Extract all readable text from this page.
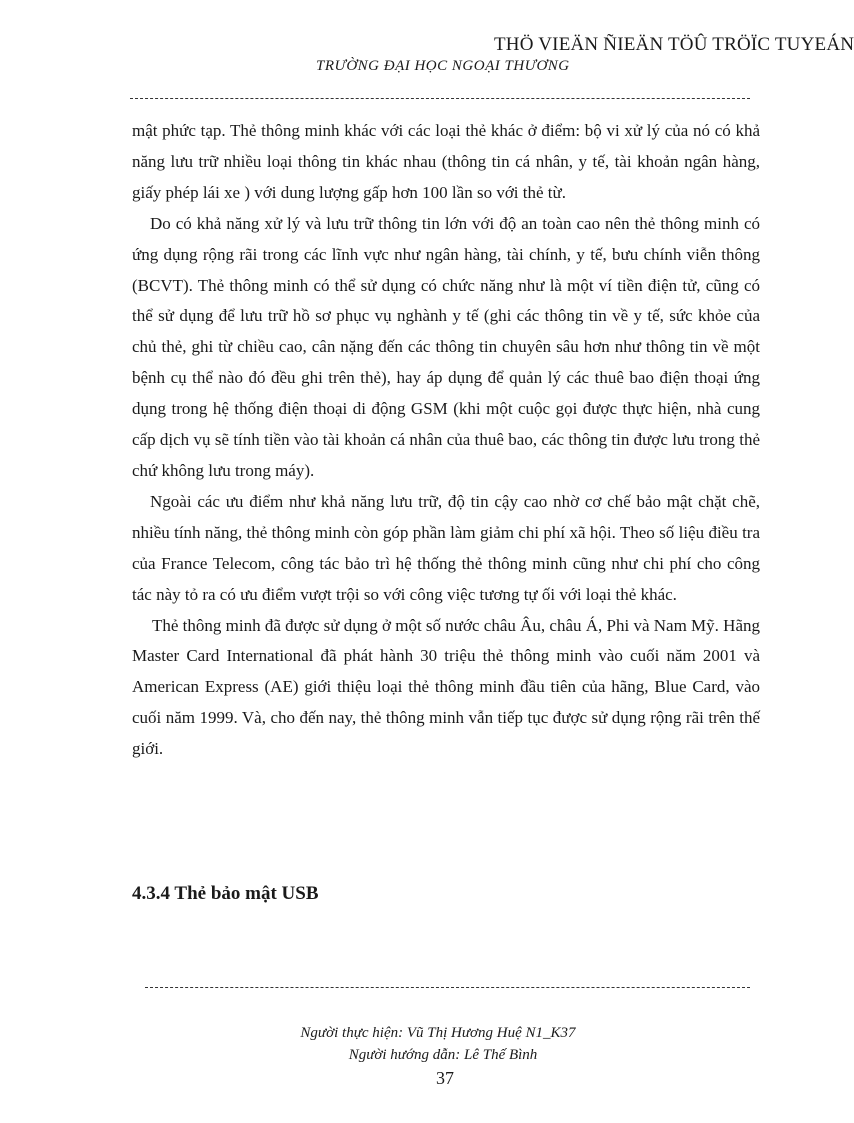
THÖ VIEÄN ÑIEÄN TÖÛ TRÖÏC TUYEÁN
TRƯỜNG ĐẠI HỌC NGOẠI THƯƠNG

mật phức tạp. Thẻ thông minh khác với các loại thẻ khác ở điểm: bộ vi xử lý của nó có khả năng lưu trữ nhiều loại thông tin khác nhau (thông tin cá nhân, y tế, tài khoản ngân hàng, giấy phép lái xe ) với dung lượng gấp hơn 100 lần so với thẻ từ.

Do có khả năng xử lý và lưu trữ thông tin lớn với độ an toàn cao nên thẻ thông minh có ứng dụng rộng rãi trong các lĩnh vực như ngân hàng, tài chính, y tế, bưu chính viễn thông (BCVT). Thẻ thông minh có thể sử dụng có chức năng như là một ví tiền điện tử, cũng có thể sử dụng để lưu trữ hồ sơ phục vụ nghành y tế (ghi các thông tin về y tế, sức khỏe của chủ thẻ, ghi từ chiều cao, cân nặng đến các thông tin chuyên sâu hơn như thông tin về một bệnh cụ thể nào đó đều ghi trên thẻ), hay áp dụng để quản lý các thuê bao điện thoại ứng dụng trong hệ thống điện thoại di động GSM (khi một cuộc gọi được thực hiện, nhà cung cấp dịch vụ sẽ tính tiền vào tài khoản cá nhân của thuê bao, các thông tin được lưu trong thẻ chứ không lưu trong máy).

Ngoài các ưu điểm như khả năng lưu trữ, độ tin cậy cao nhờ cơ chế bảo mật chặt chẽ, nhiều tính năng, thẻ thông minh còn góp phần làm giảm chi phí xã hội. Theo số liệu điều tra của France Telecom, công tác bảo trì hệ thống thẻ thông minh cũng như chi phí cho công tác này tỏ ra có ưu điểm vượt trội so với công việc tương tự ối với loại thẻ khác.

Thẻ thông minh đã được sử dụng ở một số nước châu Âu, châu Á, Phi và Nam Mỹ. Hãng Master Card International đã phát hành 30 triệu thẻ thông minh vào cuối năm 2001 và American Express (AE) giới thiệu loại thẻ thông minh đầu tiên của hãng, Blue Card, vào cuối năm 1999. Và, cho đến nay, thẻ thông minh vẫn tiếp tục được sử dụng rộng rãi trên thế giới.

4.3.4 Thẻ bảo mật USB
Người thực hiện: Vũ Thị Hương Huệ N1_K37
Người hướng dẫn: Lê Thế Bình
37
